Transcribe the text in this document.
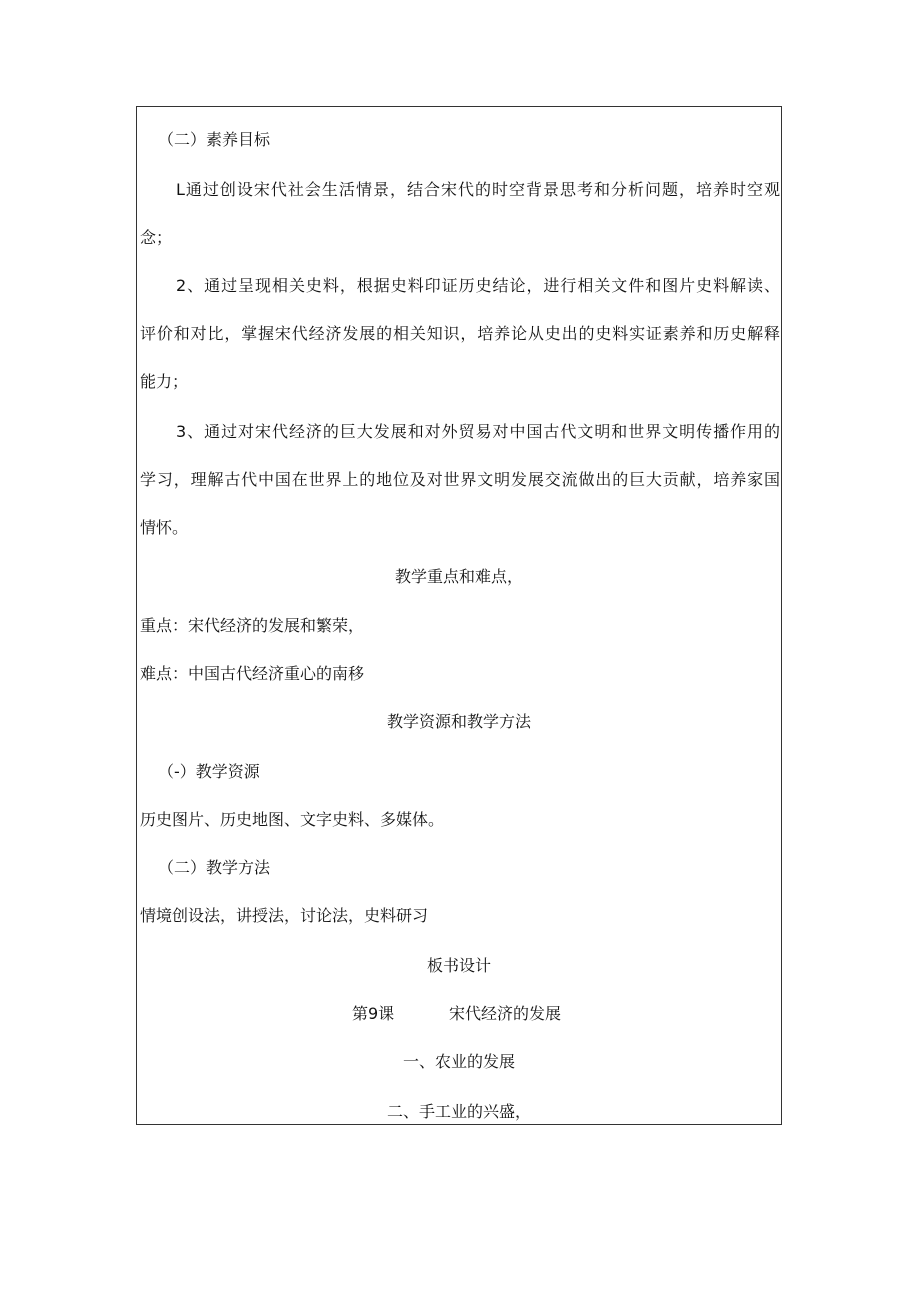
（二）素养目标
L通过创设宋代社会生活情景，结合宋代的时空背景思考和分析问题，培养时空观
念；
2、通过呈现相关史料，根据史料印证历史结论，进行相关文件和图片史料解读、
评价和对比，掌握宋代经济发展的相关知识，培养论从史出的史料实证素养和历史解释
能力；
3、通过对宋代经济的巨大发展和对外贸易对中国古代文明和世界文明传播作用的
学习，理解古代中国在世界上的地位及对世界文明发展交流做出的巨大贡献，培养家国
情怀。
教学重点和难点，
重点：宋代经济的发展和繁荣，
难点：中国古代经济重心的南移
教学资源和教学方法
（-）教学资源
历史图片、历史地图、文字史料、多媒体。
（二）教学方法
情境创设法，讲授法，讨论法，史料研习
板书设计
第9课	宋代经济的发展
一、农业的发展
二、手工业的兴盛，
